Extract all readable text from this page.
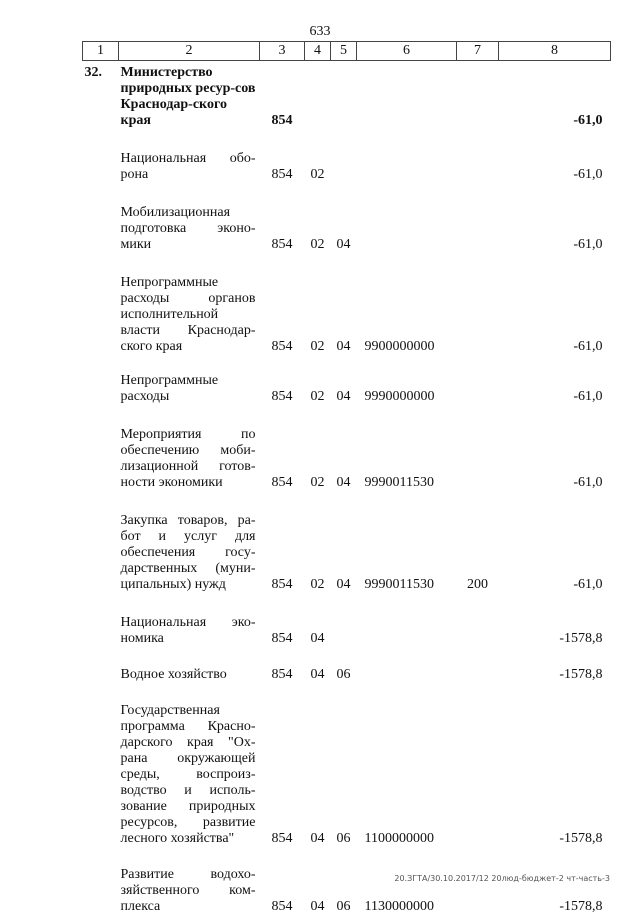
633
1	2	3	4	5	6	7	8
32.	Министерство природных ресур-сов Краснодар-ского края	854					-61,0
	Национальная обо-рона	854	02				-61,0
	Мобилизационная подготовка эконо-мики	854	02	04			-61,0
	Непрограммные расходы органов исполнительной власти Краснодар-ского края	854	02	04	9900000000		-61,0
	Непрограммные расходы	854	02	04	9990000000		-61,0
	Мероприятия по обеспечению моби-лизационной готов-ности экономики	854	02	04	9990011530		-61,0
	Закупка товаров, ра-бот и услуг для обеспечения госу-дарственных (муни-ципальных) нужд	854	02	04	9990011530	200	-61,0
	Национальная эко-номика	854	04				-1578,8
	Водное хозяйство	854	04	06			-1578,8
	Государственная программа Красно-дарского края "Ох-рана окружающей среды, воспроиз-водство и исполь-зование природных ресурсов, развитие лесного хозяйства"	854	04	06	1100000000		-1578,8
	Развитие водохо-зяйственного ком-плекса	854	04	06	1130000000		-1578,8
20.ЗГТА/30.10.2017/12 20люд-бюджет-2 чт-часть-3
